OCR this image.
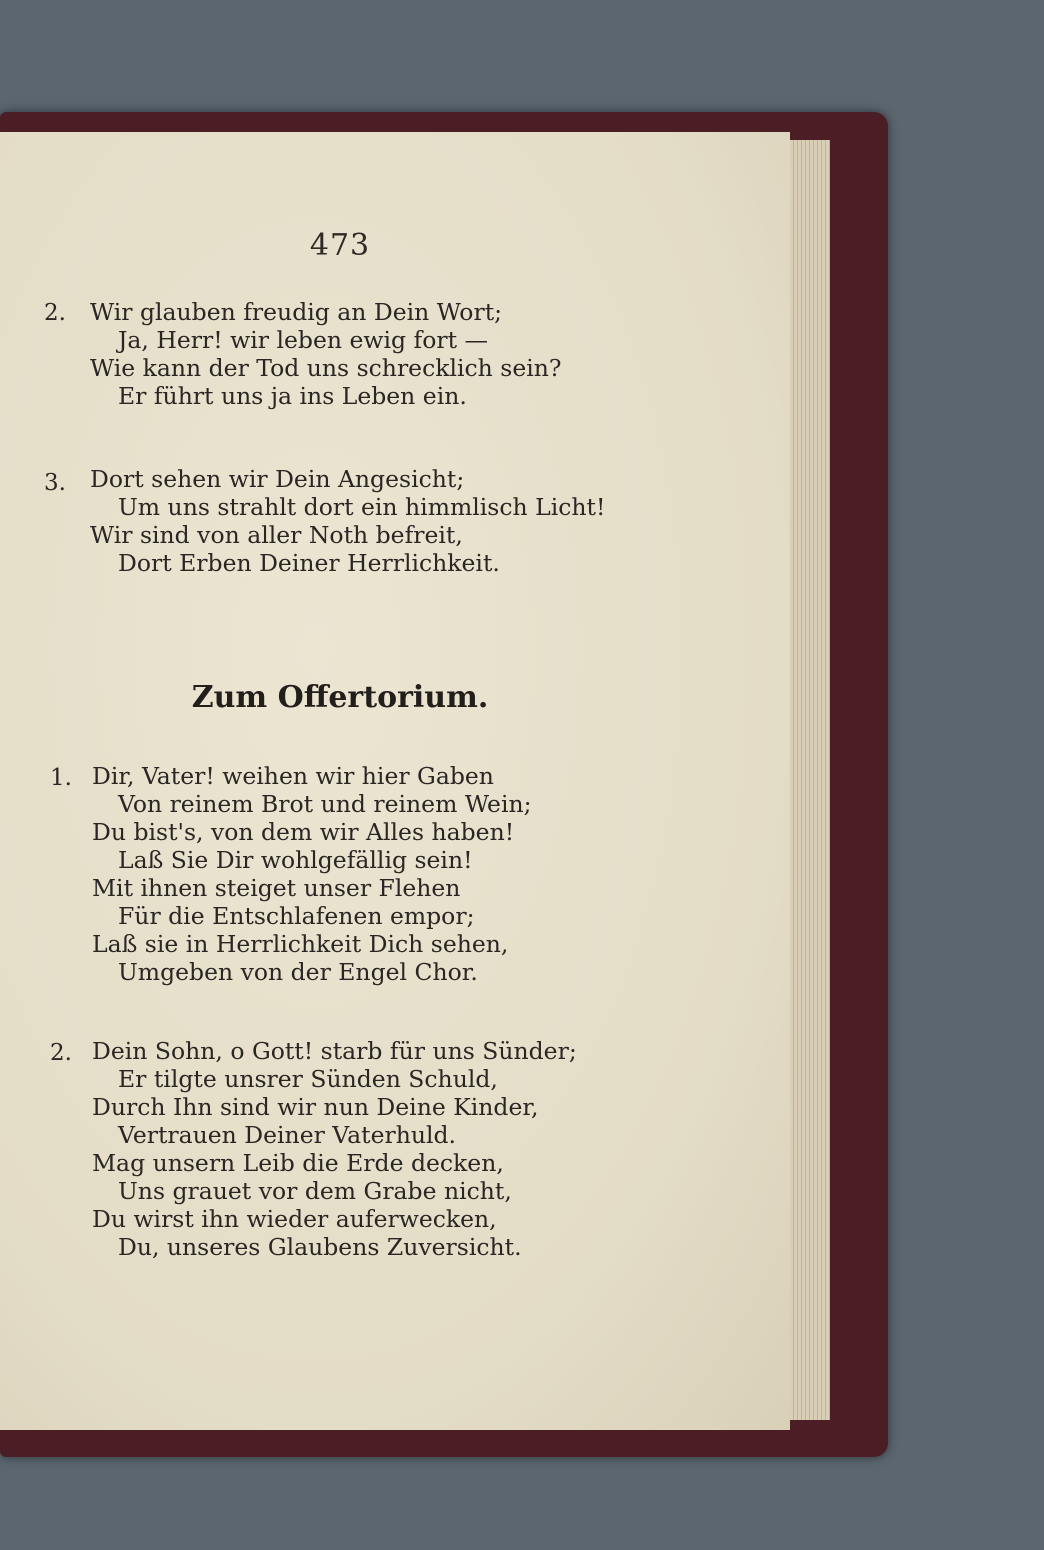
473
2. Wir glauben freudig an Dein Wort;
Ja, Herr! wir leben ewig fort —
Wie kann der Tod uns schrecklich sein?
Er führt uns ja ins Leben ein.
3. Dort sehen wir Dein Angesicht;
Um uns strahlt dort ein himmlisch Licht!
Wir sind von aller Noth befreit,
Dort Erben Deiner Herrlichkeit.
Zum Offertorium.
1. Dir, Vater! weihen wir hier Gaben
Von reinem Brot und reinem Wein;
Du bist's, von dem wir Alles haben!
Laß Sie Dir wohlgefällig sein!
Mit ihnen steiget unser Flehen
Für die Entschlafenen empor;
Laß sie in Herrlichkeit Dich sehen,
Umgeben von der Engel Chor.
2. Dein Sohn, o Gott! starb für uns Sünder;
Er tilgte unsrer Sünden Schuld,
Durch Ihn sind wir nun Deine Kinder,
Vertrauen Deiner Vaterhuld.
Mag unsern Leib die Erde decken,
Uns grauet vor dem Grabe nicht,
Du wirst ihn wieder auferwecken,
Du, unseres Glaubens Zuversicht.
